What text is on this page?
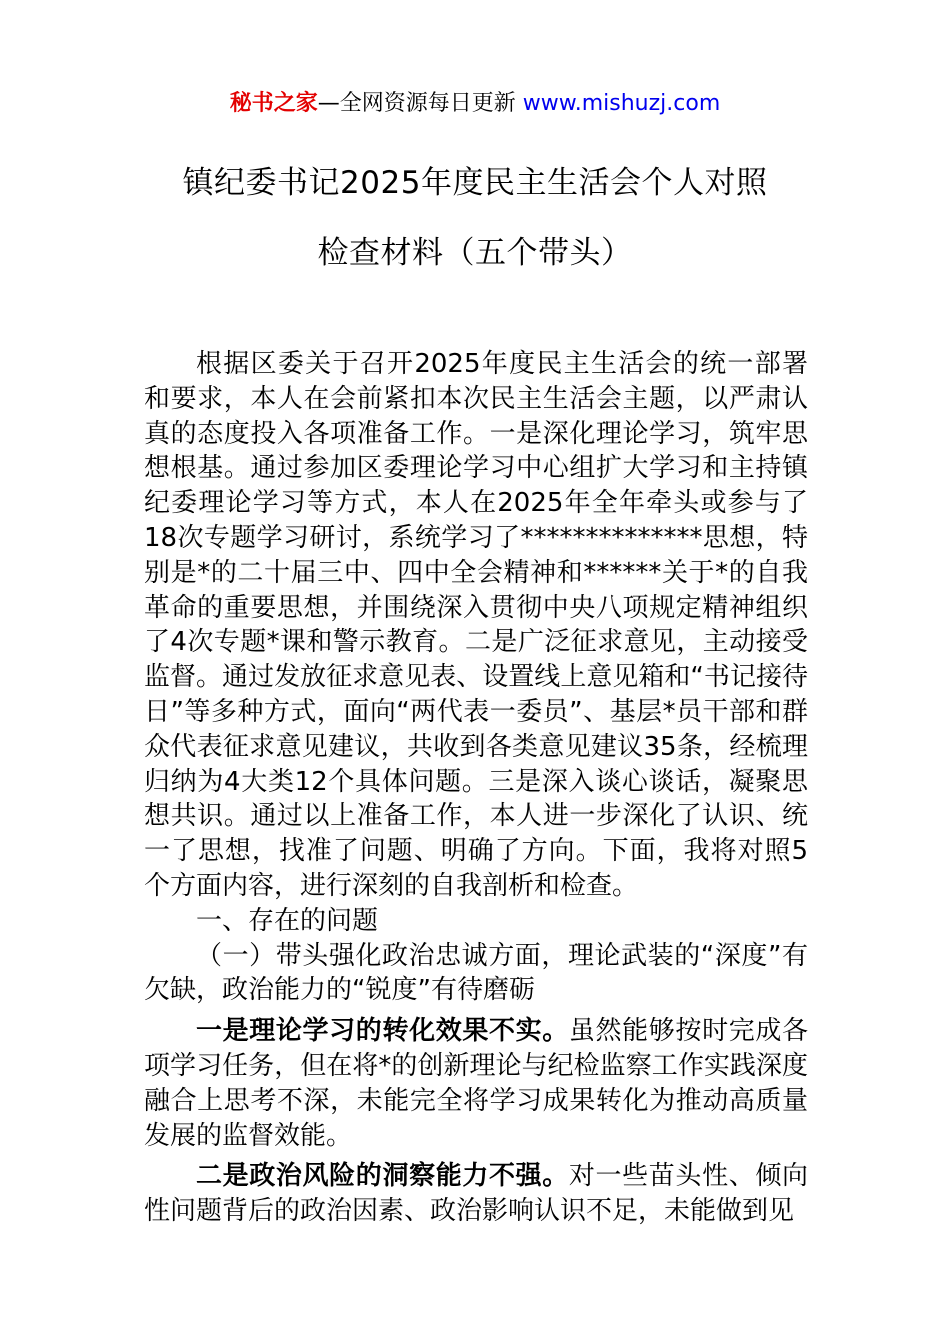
秘书之家—全网资源每日更新 www.mishuzj.com
镇纪委书记2025年度民主生活会个人对照
检查材料（五个带头）

根据区委关于召开2025年度民主生活会的统一部署和要求，本人在会前紧扣本次民主生活会主题，以严肃认真的态度投入各项准备工作。一是深化理论学习，筑牢思想根基。通过参加区委理论学习中心组扩大学习和主持镇纪委理论学习等方式，本人在2025年全年牵头或参与了18次专题学习研讨，系统学习了**************思想，特别是*的二十届三中、四中全会精神和******关于*的自我革命的重要思想，并围绕深入贯彻中央八项规定精神组织了4次专题*课和警示教育。二是广泛征求意见，主动接受监督。通过发放征求意见表、设置线上意见箱和“书记接待日”等多种方式，面向“两代表一委员”、基层*员干部和群众代表征求意见建议，共收到各类意见建议35条，经梳理归纳为4大类12个具体问题。三是深入谈心谈话，凝聚思想共识。通过以上准备工作，本人进一步深化了认识、统一了思想，找准了问题、明确了方向。下面，我将对照5个方面内容，进行深刻的自我剖析和检查。

一、存在的问题

（一）带头强化政治忠诚方面，理论武装的“深度”有欠缺，政治能力的“锐度”有待磨砺

一是理论学习的转化效果不实。虽然能够按时完成各项学习任务，但在将*的创新理论与纪检监察工作实践深度融合上思考不深，未能完全将学习成果转化为推动高质量发展的监督效能。

二是政治风险的洞察能力不强。对一些苗头性、倾向性问题背后的政治因素、政治影响认识不足，未能做到见
